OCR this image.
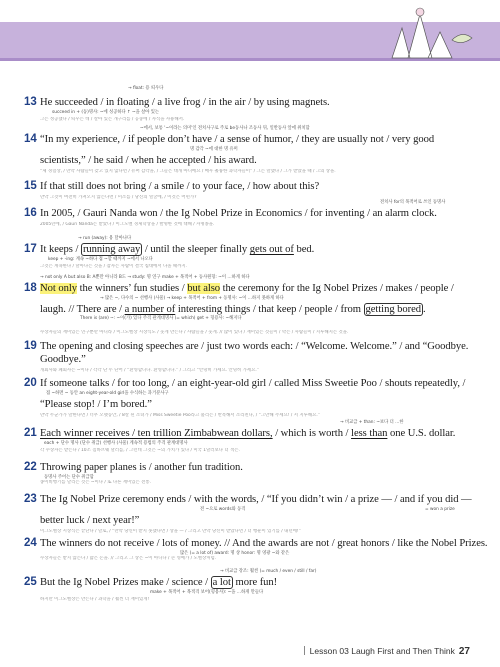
13
→ float: 용 띄우다
He succeeded / in floating / a live frog / in the air / by using magnets.
succeed in + (동)명사: ~에 성공하다 ↑ ~을 살아 있는
그는 성공했다 / 띄우는 데 / 살아 있는 개구리를 / 공중에 / 자석을 사용해서.
14
~에서, 보통 '~이라는 의미'인 전치사구로 주로 be동사나 조동사 뒤, 일반동사 앞에 위치함
“In my experience, / if people don’t have / a sense of humor, / they are usually not / very good
명 감각 ~에 대한 명 유머
scientists,” / he said / when he accepted / his award.
“제 경험상, / 만약 사람들이 갖고 있지 않다면 / 유머 감각을, / 그들은 대개 아니에요 / 매우 훌륭한 과학자들이” / 그는 말했다 / 그가 받았을 때 / 그의 상을.
15 If that still does not bring / a smile / to your face, / how about this?
만약 그것이 여전히 가져오지 않는다면 / 미소를 / 당신의 얼굴에, / 이것은 어떤가?
16 In 2005, / Gauri Nanda won / the Ig Nobel Prize in Economics / for inventing / an alarm clock.
전치사 for의 목적어로 쓰인 동명사
2005년에, / Gauri Nanda는 받았다 / 이그노벨 경제학상을 / 발명한 것에 대해 / 자명종을.
17
→ run (away): 용 달아나다
It keeps / running away / until the sleeper finally gets out of bed.
keep + -ing: 계속 ~하다 접 ~할 때까지 ~에서 나오다
그것은 계속한다 / 달아나는 것을 / 잠자는 사람이 결국 침대에서 나올 때까지.
18
→ not only A but also B: A뿐만 아니라 B도 → study: 명 연구 make + 목적어 + 동사원형: ~이 …하게 하다
Not only the winners’ fun studies / but also the ceremony for the Ig Nobel Prizes / makes / people /
→ 많은 ~, 다수의 ~ 선행사 (사물) → keep + 목적어 + from + 동명사: ~이 …하지 못하게 하다
laugh. // There are / a number of interesting things / that keep / people / from getting bored .
There is (are) ~: ~이(가) 있다 주격 관계대명사 (= which) get + 형용사: ~해지다
수상자들의 재미있는 연구뿐만 아니라 / 이그노벨상 시상식도 / 웃게 만든다 / 사람들을 / 웃게. // 많이 있다 / 재미있는 것들이 / 막는 / 사람들이 / 지루해지는 것을.
19 The opening and closing speeches are / just two words each: / “Welcome. Welcome.” / and “Goodbye.
Goodbye.”
개회사와 폐회사는 ~이다 / 각각 단 두 단어 / “환영합니다. 환영합니다.” / 그리고 “안녕히 가세요. 안녕히 가세요.”
20 If someone talks / for too long, / an eight-year-old girl / called Miss Sweetie Poo / shouts repeatedly, /
접 ~하면 ~ 동안 an eight-year-old girl을 수식하는 과거분사구
“Please stop! / I’m bored.”
만약 누군가가 말한다면 / 너무 오랫동안, / 8살 된 소녀가 / Miss Sweetie Poo라고 불리는 / 반복해서 소리친다, / “그만해 주세요! / 저 지루해요.”
21
→ 비교급 + than: ~보다 더 …한
Each winner receives / ten trillion Zimbabwean dollars, / which is worth / less than one U.S. dollar.
each + 단수 명사 (단수 취급) 선행사 (사물) 계속적 용법의 주격 관계대명사
각 수상자는 받는다 / 10조 짐바브웨 달러를, / 그런데 그것은 ~의 가치가 있다 / 미국 1달러보다 더 적은.
22 Throwing paper planes is / another fun tradition.
동명사 주어는 단수 취급함
종이비행기를 날리는 것은 ~이다 / 또 다른 재미있는 전통.
23 The Ig Nobel Prize ceremony ends / with the words, / “If you didn’t win / a prize — / and if you did —
전 ~으로 words와 동격	= won a prize
better luck / next year!”
이그노벨상 시상식은 끝난다 / 말로, / “만약 당신이 받지 못했다면 / 상을 — / 그리고 만약 당신이 받았다면 / 더 행운이 있기를 / 내년에!”
24 The winners do not receive / lots of money. // And the awards are not / great honors / like the Nobel Prizes.
많은 (= a lot of) award: 명 상 honor: 명 영광 ~와 같은
수상자들은 받지 않는다 / 많은 돈을. // 그리고 그 상은 ~이 아니다 / 큰 영예가 / 노벨상처럼.
25
→ 비교급 강조: 훨씬 (= much / even / still / far)
But the Ig Nobel Prizes make / science / a lot more fun!
make + 목적어 + 목적격 보어(형용사): ~을 …하게 만들다
하지만 이그노벨상은 만든다 / 과학을 / 훨씬 더 재미있게!
Lesson 03 Laugh First and Then Think 27
